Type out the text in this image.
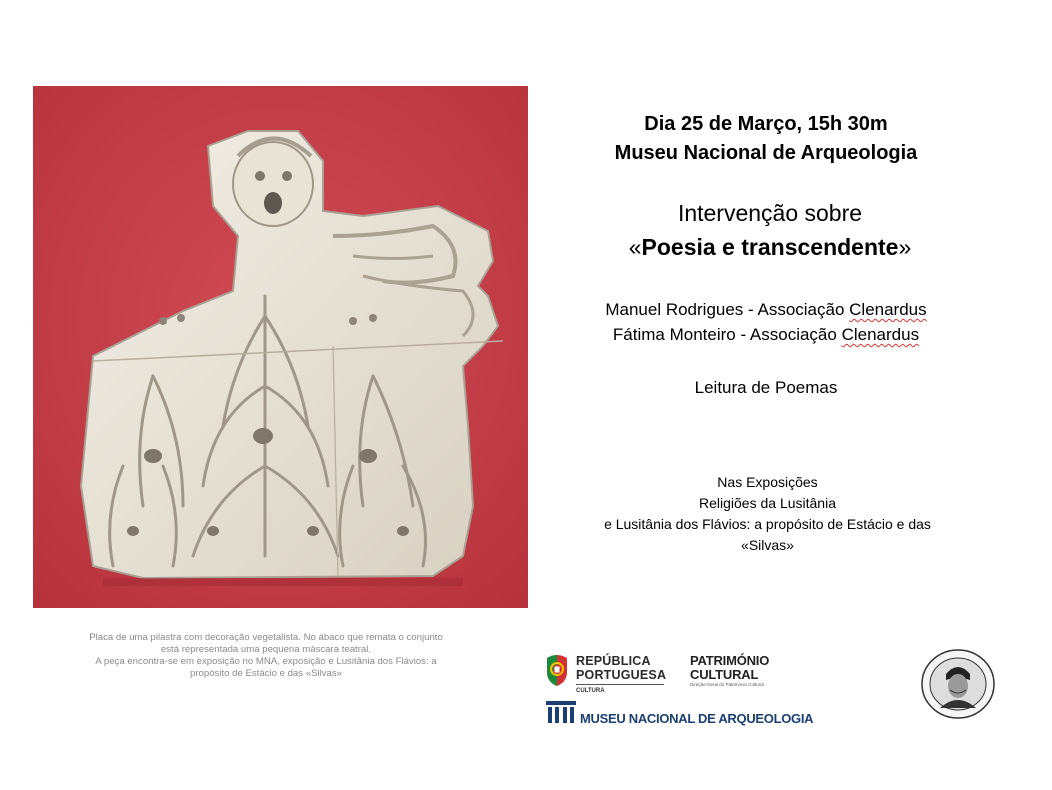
Dia 25 de Março, 15h 30m
Museu Nacional de Arqueologia
Intervenção sobre
«Poesia e transcendente»
Manuel Rodrigues - Associação Clenardus
Fátima Monteiro - Associação Clenardus
Leitura de Poemas
Nas Exposições
Religiões da Lusitânia
e Lusitânia dos Flávios: a propósito de Estácio e das
«Silvas»
Placa de uma pilastra com decoração vegetalista. No ábaco que remata o conjunto está representada uma pequena máscara teatral.
A peça encontra-se em exposição no MNA, exposição e Lusitânia dos Flávios: a propósito de Estácio e das «Silvas»
REPÚBLICA
PORTUGUESA
CULTURA
PATRIMÓNIO
CULTURAL
Direção-Geral do Património Cultural
MUSEU NACIONAL DE ARQUEOLOGIA
